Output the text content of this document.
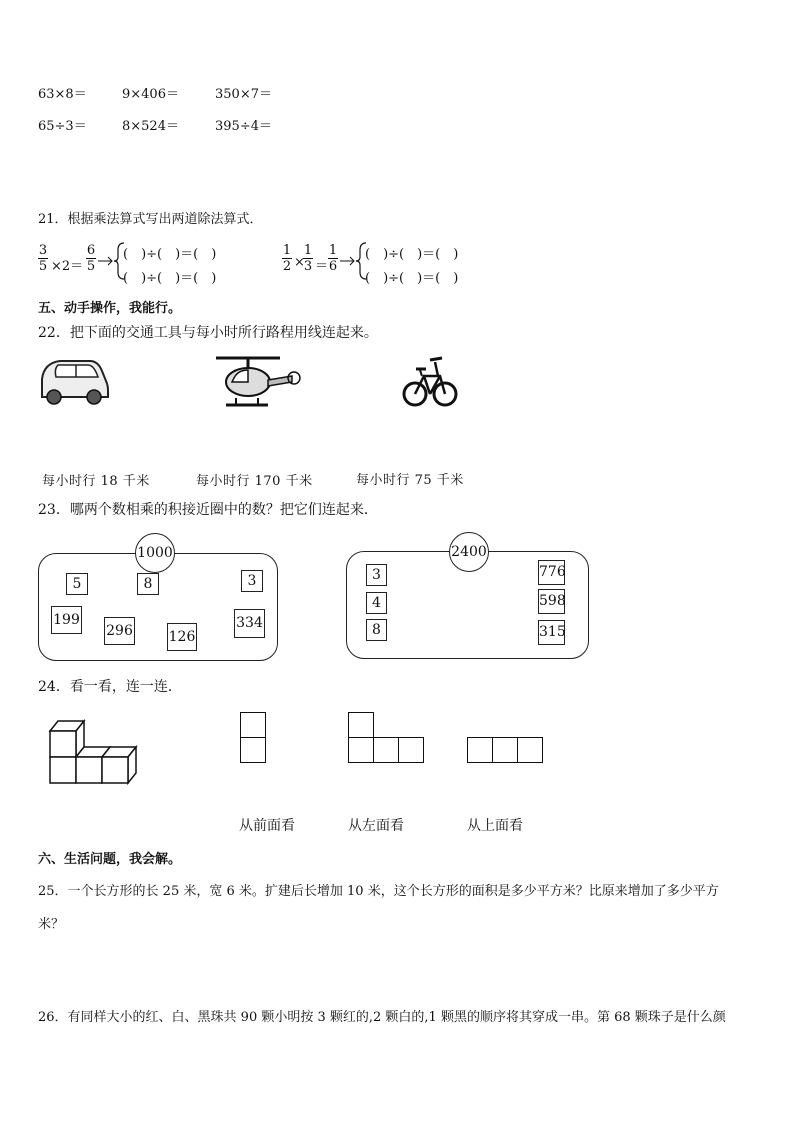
63×8＝	9×406＝	350×7＝
65÷3＝	8×524＝	395÷4＝
21．根据乘法算式写出两道除法算式．
3
5 ×2＝
6
5
(　)÷(　)＝(　)
(　)÷(　)＝(　)
1
2 ×
1
3 ＝
1
6
(　)÷(　)＝(　)
(　)÷(　)＝(　)
五、动手操作，我能行。
22．把下面的交通工具与每小时所行路程用线连起来。
每小时行 18 千米	每小时行 170 千米	每小时行 75 千米
23．哪两个数相乘的积接近圈中的数？把它们连起来．
1000
5	8	3
199
296	126
334
2400
3
4
8
776
598
315
24．看一看，连一连．
从前面看	从左面看	从上面看
六、生活问题，我会解。
25．一个长方形的长 25 米，宽 6 米。扩建后长增加 10 米，这个长方形的面积是多少平方米？比原来增加了多少平方
米？
26．有同样大小的红、白、黑珠共 90 颗小明按 3 颗红的,2 颗白的,1 颗黑的顺序将其穿成一串。第 68 颗珠子是什么颜
